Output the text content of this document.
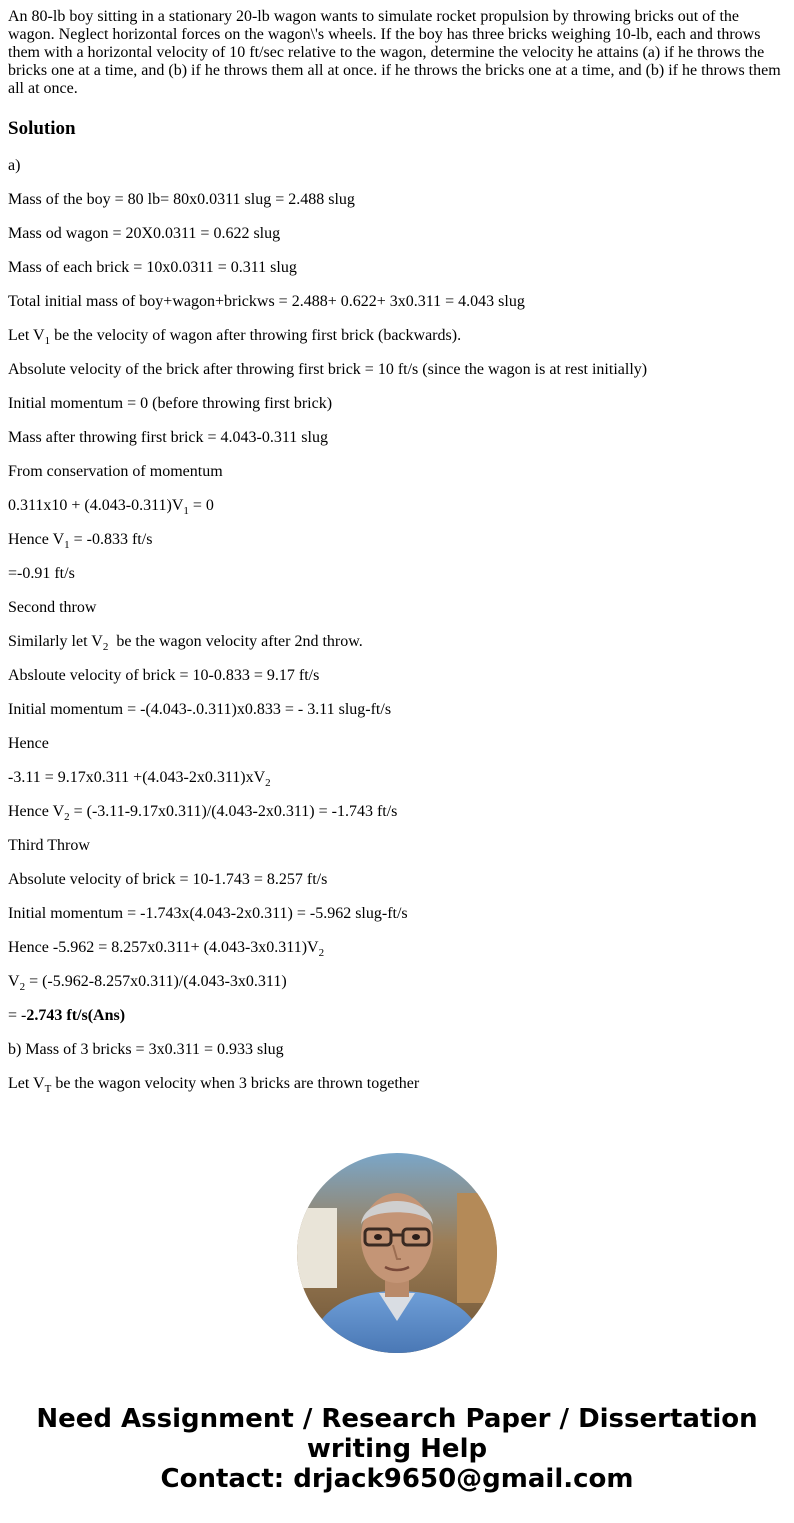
An 80-lb boy sitting in a stationary 20-lb wagon wants to simulate rocket propulsion by throwing bricks out of the wagon. Neglect horizontal forces on the wagon\'s wheels. If the boy has three bricks weighing 10-lb, each and throws them with a horizontal velocity of 10 ft/sec relative to the wagon, determine the velocity he attains (a) if he throws the bricks one at a time, and (b) if he throws them all at once. if he throws the bricks one at a time, and (b) if he throws them all at once.

Solution

a)

Mass of the boy = 80 lb= 80x0.0311 slug = 2.488 slug

Mass od wagon = 20X0.0311 = 0.622 slug

Mass of each brick = 10x0.0311 = 0.311 slug

Total initial mass of boy+wagon+brickws = 2.488+ 0.622+ 3x0.311 = 4.043 slug

Let $V_1$ be the velocity of wagon after throwing first brick (backwards).

Absolute velocity of the brick after throwing first brick = 10 ft/s (since the wagon is at rest initially)

Initial momentum = 0 (before throwing first brick)

Mass after throwing first brick = 4.043-0.311 slug

From conservation of momentum

$0.311x10 + (4.043-0.311)V_1 = 0$

Hence $V_1 = -0.833$ ft/s

=-0.91 ft/s

Second throw

Similarly let $V_2$  be the wagon velocity after 2nd throw.

Absloute velocity of brick = 10-0.833 = 9.17 ft/s

Initial momentum = -(4.043-.0.311)x0.833 = - 3.11 slug-ft/s

Hence

$-3.11 = 9.17x0.311 +(4.043-2x0.311)xV_2$

Hence $V_2 = (-3.11-9.17x0.311)/(4.043-2x0.311) = -1.743$ ft/s

Third Throw

Absolute velocity of brick = 10-1.743 = 8.257 ft/s

Initial momentum = -1.743x(4.043-2x0.311) = -5.962 slug-ft/s

Hence $-5.962 = 8.257x0.311+ (4.043-3x0.311)V_2$

$V_2 = (-5.962-8.257x0.311)/(4.043-3x0.311)$

= -2.743 ft/s(Ans)

b) Mass of 3 bricks = 3x0.311 = 0.933 slug

Let $V_T$ be the wagon velocity when 3 bricks are thrown together

Need Assignment / Research Paper / Dissertation
writing Help
Contact: drjack9650@gmail.com
